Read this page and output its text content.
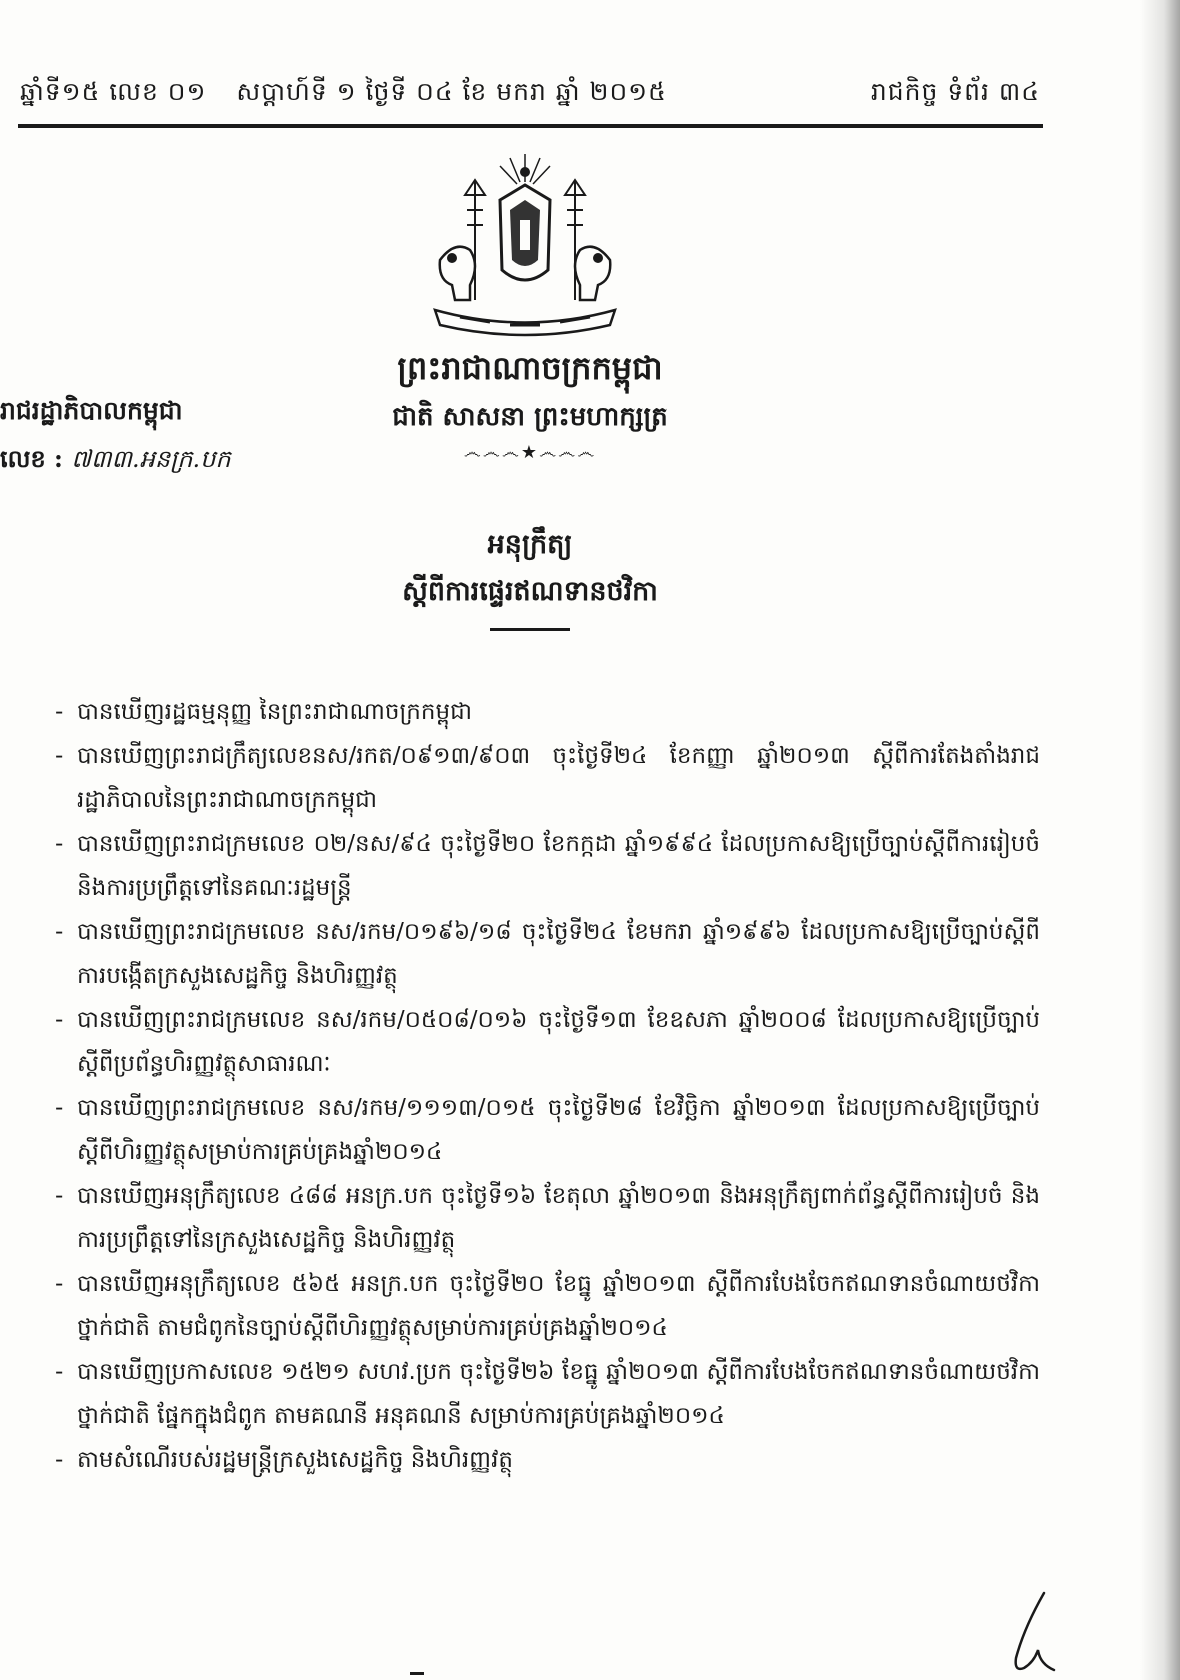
ឆ្នាំទី១៥ លេខ ០១ សប្តាហ៍ទី ១ ថ្ងៃទី ០៤ ខែ មករា ឆ្នាំ ២០១៥	រាជកិច្ច ទំព័រ ៣៤
ព្រះរាជាណាចក្រកម្ពុជា
ជាតិ សាសនា ព្រះមហាក្សត្រ
෴෴෴★෴෴෴
រាជរដ្ឋាភិបាលកម្ពុជា
លេខ : ៧៣៣.អនក្រ.បក
អនុក្រឹត្យ
ស្តីពីការផ្ទេរឥណទានថវិកា
- បានឃើញរដ្ឋធម្មនុញ្ញ នៃព្រះរាជាណាចក្រកម្ពុជា
- បានឃើញព្រះរាជក្រឹត្យលេខនស/រកត/០៩១៣/៩០៣ ចុះថ្ងៃទី២៤ ខែកញ្ញា ឆ្នាំ២០១៣ ស្តីពីការតែងតាំងរាជរដ្ឋាភិបាលនៃព្រះរាជាណាចក្រកម្ពុជា
- បានឃើញព្រះរាជក្រមលេខ ០២/នស/៩៤ ចុះថ្ងៃទី២០ ខែកក្កដា ឆ្នាំ១៩៩៤ ដែលប្រកាសឱ្យប្រើច្បាប់ស្តីពីការរៀបចំ និងការប្រព្រឹត្តទៅនៃគណៈរដ្ឋមន្ត្រី
- បានឃើញព្រះរាជក្រមលេខ នស/រកម/០១៩៦/១៨ ចុះថ្ងៃទី២៤ ខែមករា ឆ្នាំ១៩៩៦ ដែលប្រកាសឱ្យប្រើច្បាប់ស្តីពីការបង្កើតក្រសួងសេដ្ឋកិច្ច និងហិរញ្ញវត្ថុ
- បានឃើញព្រះរាជក្រមលេខ នស/រកម/០៥០៨/០១៦ ចុះថ្ងៃទី១៣ ខែឧសភា ឆ្នាំ២០០៨ ដែលប្រកាសឱ្យប្រើច្បាប់ស្តីពីប្រព័ន្ធហិរញ្ញវត្ថុសាធារណៈ
- បានឃើញព្រះរាជក្រមលេខ នស/រកម/១១១៣/០១៥ ចុះថ្ងៃទី២៨ ខែវិច្ឆិកា ឆ្នាំ២០១៣ ដែលប្រកាសឱ្យប្រើច្បាប់ស្តីពីហិរញ្ញវត្ថុសម្រាប់ការគ្រប់គ្រងឆ្នាំ២០១៤
- បានឃើញអនុក្រឹត្យលេខ ៤៨៨ អនក្រ.បក ចុះថ្ងៃទី១៦ ខែតុលា ឆ្នាំ២០១៣ និងអនុក្រឹត្យពាក់ព័ន្ធស្តីពីការរៀបចំ និងការប្រព្រឹត្តទៅនៃក្រសួងសេដ្ឋកិច្ច និងហិរញ្ញវត្ថុ
- បានឃើញអនុក្រឹត្យលេខ ៥៦៥ អនក្រ.បក ចុះថ្ងៃទី២០ ខែធ្នូ ឆ្នាំ២០១៣ ស្តីពីការបែងចែកឥណទានចំណាយថវិកាថ្នាក់ជាតិ តាមជំពូកនៃច្បាប់ស្តីពីហិរញ្ញវត្ថុសម្រាប់ការគ្រប់គ្រងឆ្នាំ២០១៤
- បានឃើញប្រកាសលេខ ១៥២១ សហវ.ប្រក ចុះថ្ងៃទី២៦ ខែធ្នូ ឆ្នាំ២០១៣ ស្តីពីការបែងចែកឥណទានចំណាយថវិកាថ្នាក់ជាតិ ផ្នែកក្នុងជំពូក តាមគណនី អនុគណនី សម្រាប់ការគ្រប់គ្រងឆ្នាំ២០១៤
- តាមសំណើរបស់រដ្ឋមន្ត្រីក្រសួងសេដ្ឋកិច្ច និងហិរញ្ញវត្ថុ
